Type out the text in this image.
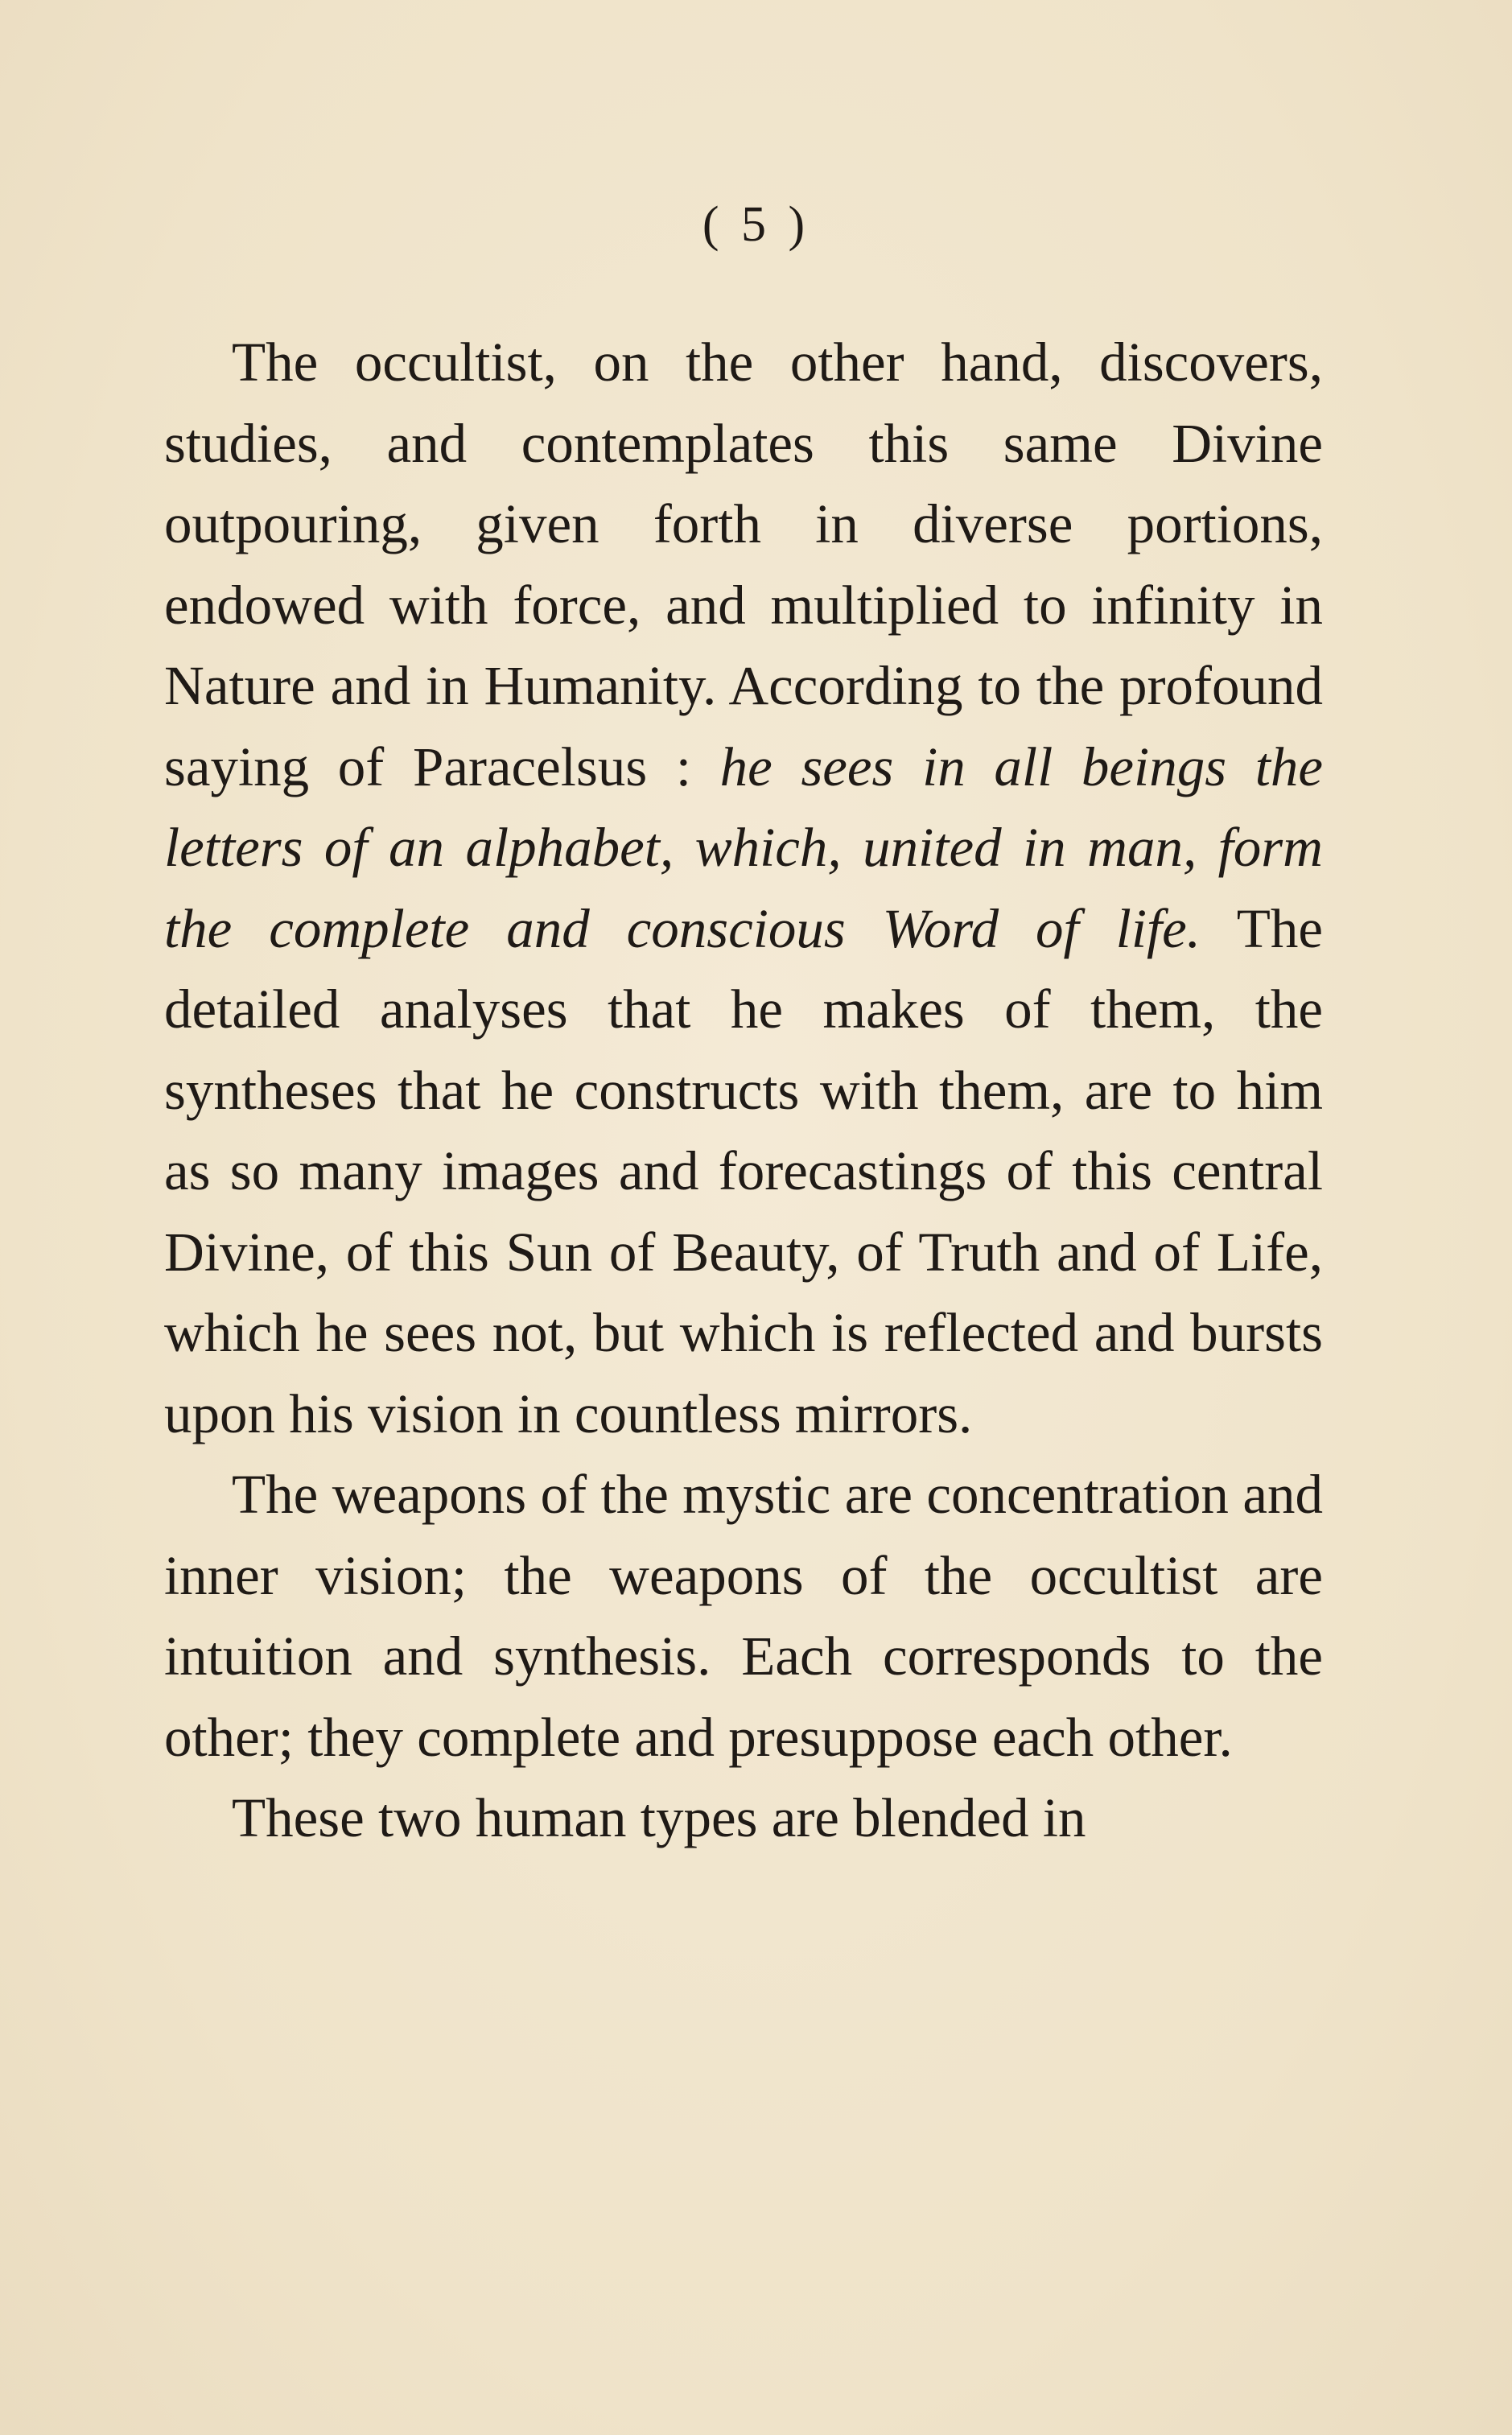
( 5 )

The occultist, on the other hand, discovers, studies, and contemplates this same Divine outpouring, given forth in diverse portions, endowed with force, and multiplied to infinity in Nature and in Humanity. According to the profound saying of Paracelsus : he sees in all beings the letters of an alphabet, which, united in man, form the complete and conscious Word of life. The detailed analyses that he makes of them, the syntheses that he constructs with them, are to him as so many images and forecastings of this central Divine, of this Sun of Beauty, of Truth and of Life, which he sees not, but which is reflected and bursts upon his vision in countless mirrors.

The weapons of the mystic are concentration and inner vision; the weapons of the occultist are intuition and synthesis. Each corresponds to the other; they complete and presuppose each other.

These two human types are blended in
